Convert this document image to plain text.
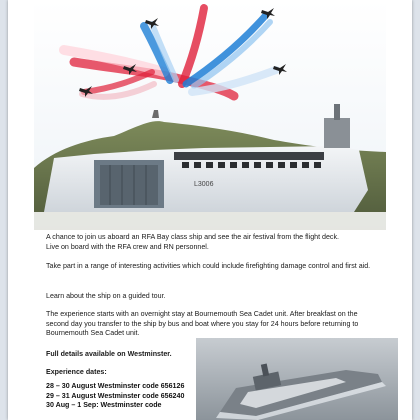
L3006

A chance to join us aboard an RFA Bay class ship and see the air festival from the flight deck.
Live on board with the RFA crew and RN personnel.

Take part in a range of interesting activities which could include firefighting damage control and first aid.

Learn about the ship on a guided tour.

The experience starts with an overnight stay at Bournemouth Sea Cadet unit. After breakfast on the second day you transfer to the ship by bus and boat where you stay for 24 hours before returning to Bournemouth Sea Cadet unit.

Full details available on Westminster.

Experience dates:

28 – 30 August Westminster code 656126
29 – 31 August Westminster code 656240
30 Aug – 1 Sep: Westminster code
